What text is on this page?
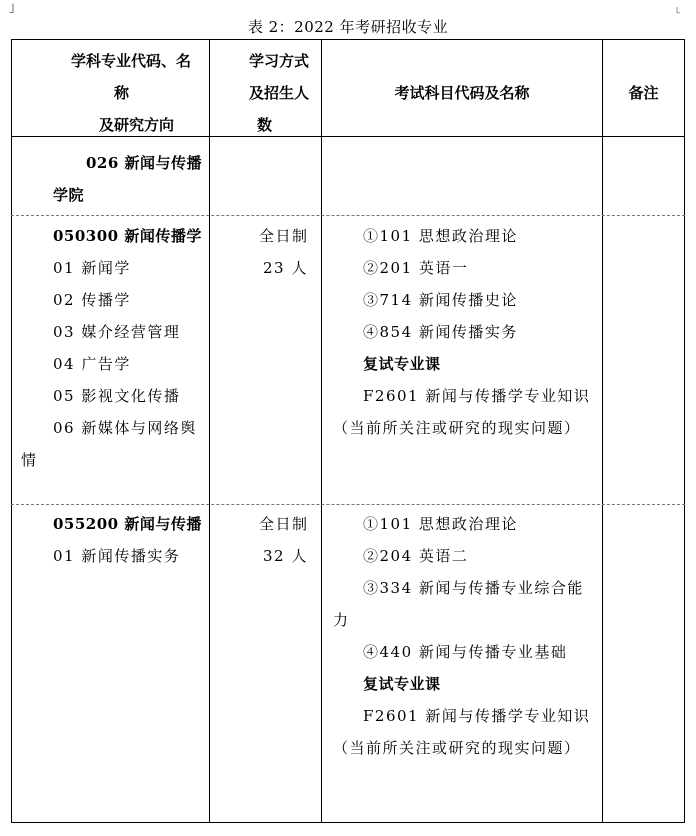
表 2：2022 年考研招收专业
˩	˪
学科专业代码、名
称
及研究方向
学习方式
及招生人
数
考试科目代码及名称	备注
026 新闻与传播
学院
050300 新闻传播学
01 新闻学
02 传播学
03 媒介经营管理
04 广告学
05 影视文化传播
06 新媒体与网络舆
情
全日制
23 人
①101 思想政治理论
②201 英语一
③714 新闻传播史论
④854 新闻传播实务
复试专业课
F2601 新闻与传播学专业知识
（当前所关注或研究的现实问题）
055200 新闻与传播
01 新闻传播实务
全日制
32 人
①101 思想政治理论
②204 英语二
③334 新闻与传播专业综合能
力
④440 新闻与传播专业基础
复试专业课
F2601 新闻与传播学专业知识
（当前所关注或研究的现实问题）
